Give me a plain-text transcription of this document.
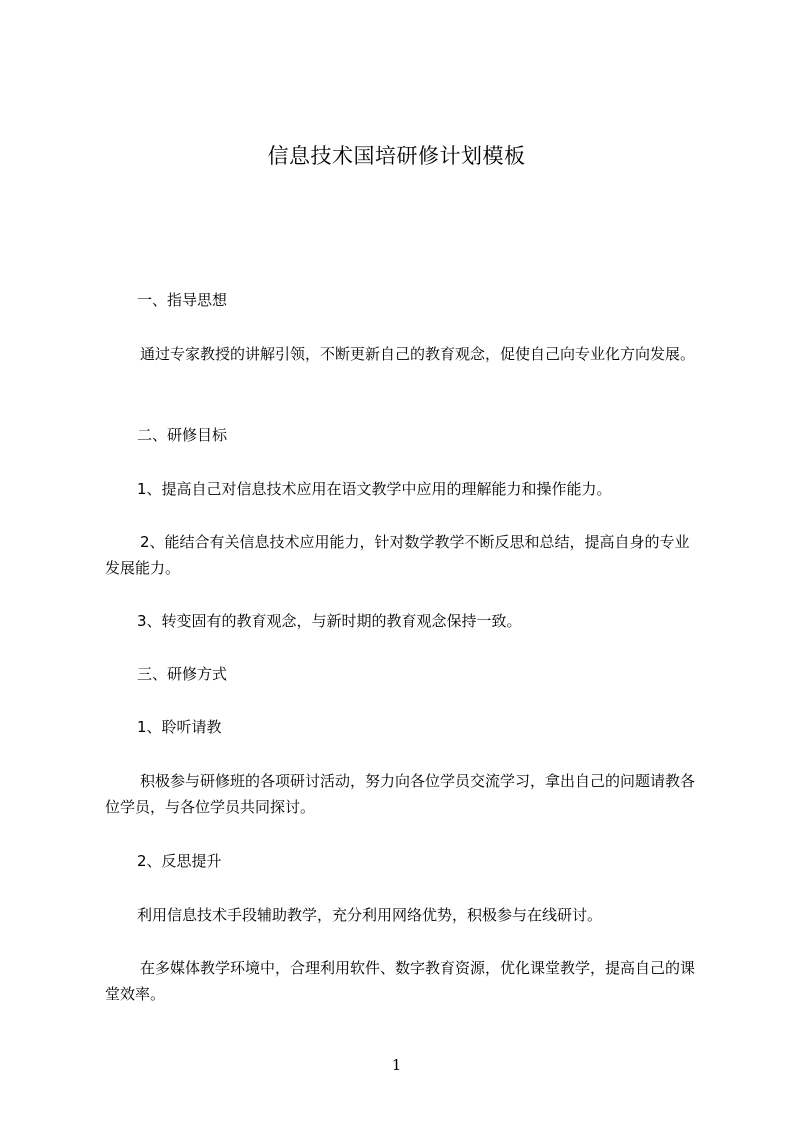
信息技术国培研修计划模板

一、指导思想

通过专家教授的讲解引领，不断更新自己的教育观念，促使自己向专业化方向发展。

二、研修目标

1、提高自己对信息技术应用在语文教学中应用的理解能力和操作能力。

2、能结合有关信息技术应用能力，针对数学教学不断反思和总结，提高自身的专业发展能力。

3、转变固有的教育观念，与新时期的教育观念保持一致。

三、研修方式

1、聆听请教

积极参与研修班的各项研讨活动，努力向各位学员交流学习，拿出自己的问题请教各位学员，与各位学员共同探讨。

2、反思提升

利用信息技术手段辅助教学，充分利用网络优势，积极参与在线研讨。

在多媒体教学环境中，合理利用软件、数字教育资源，优化课堂教学，提高自己的课堂效率。

1
